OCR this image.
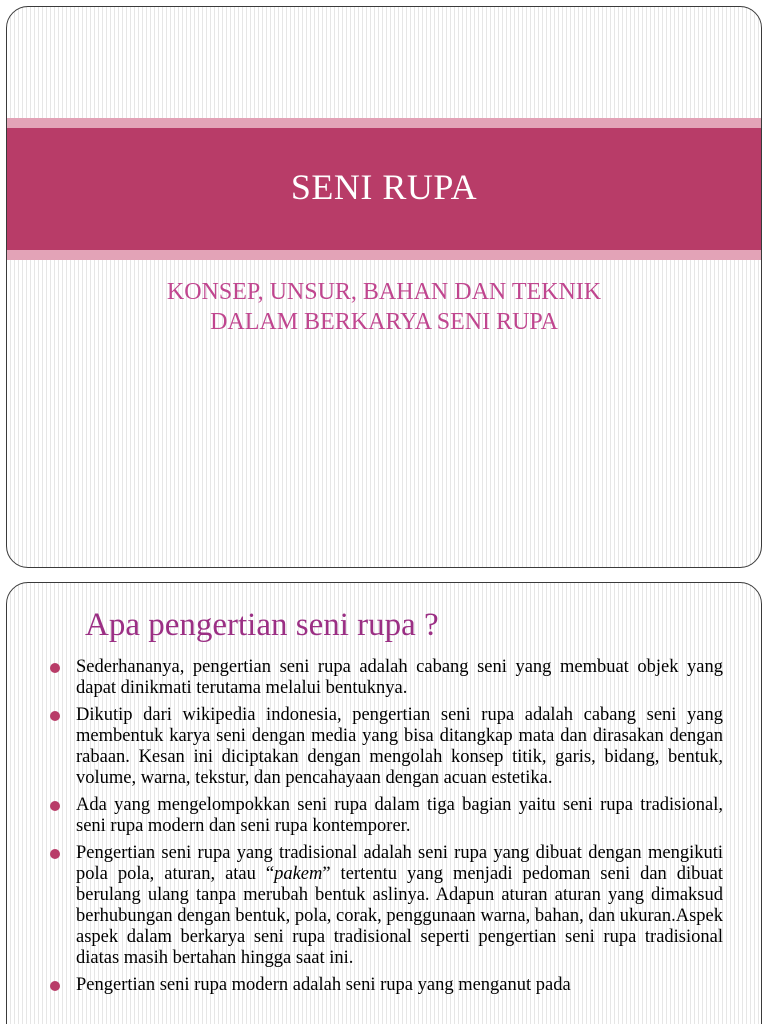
SENI RUPA
KONSEP, UNSUR, BAHAN DAN TEKNIK
DALAM BERKARYA SENI RUPA
Apa pengertian seni rupa ?
Sederhananya, pengertian seni rupa adalah cabang seni yang membuat objek yang dapat dinikmati terutama melalui bentuknya.
Dikutip dari wikipedia indonesia, pengertian seni rupa adalah cabang seni yang membentuk karya seni dengan media yang bisa ditangkap mata dan dirasakan dengan rabaan. Kesan ini diciptakan dengan mengolah konsep titik, garis, bidang, bentuk, volume, warna, tekstur, dan pencahayaan dengan acuan estetika.
Ada yang mengelompokkan seni rupa dalam tiga bagian yaitu seni rupa tradisional, seni rupa modern dan seni rupa kontemporer.
Pengertian seni rupa yang tradisional adalah seni rupa yang dibuat dengan mengikuti pola pola, aturan, atau “pakem” tertentu yang menjadi pedoman seni dan dibuat berulang ulang tanpa merubah bentuk aslinya. Adapun aturan aturan yang dimaksud berhubungan dengan bentuk, pola, corak, penggunaan warna, bahan, dan ukuran.Aspek aspek dalam berkarya seni rupa tradisional seperti pengertian seni rupa tradisional diatas masih bertahan hingga saat ini.
Pengertian seni rupa modern adalah seni rupa yang menganut pada
